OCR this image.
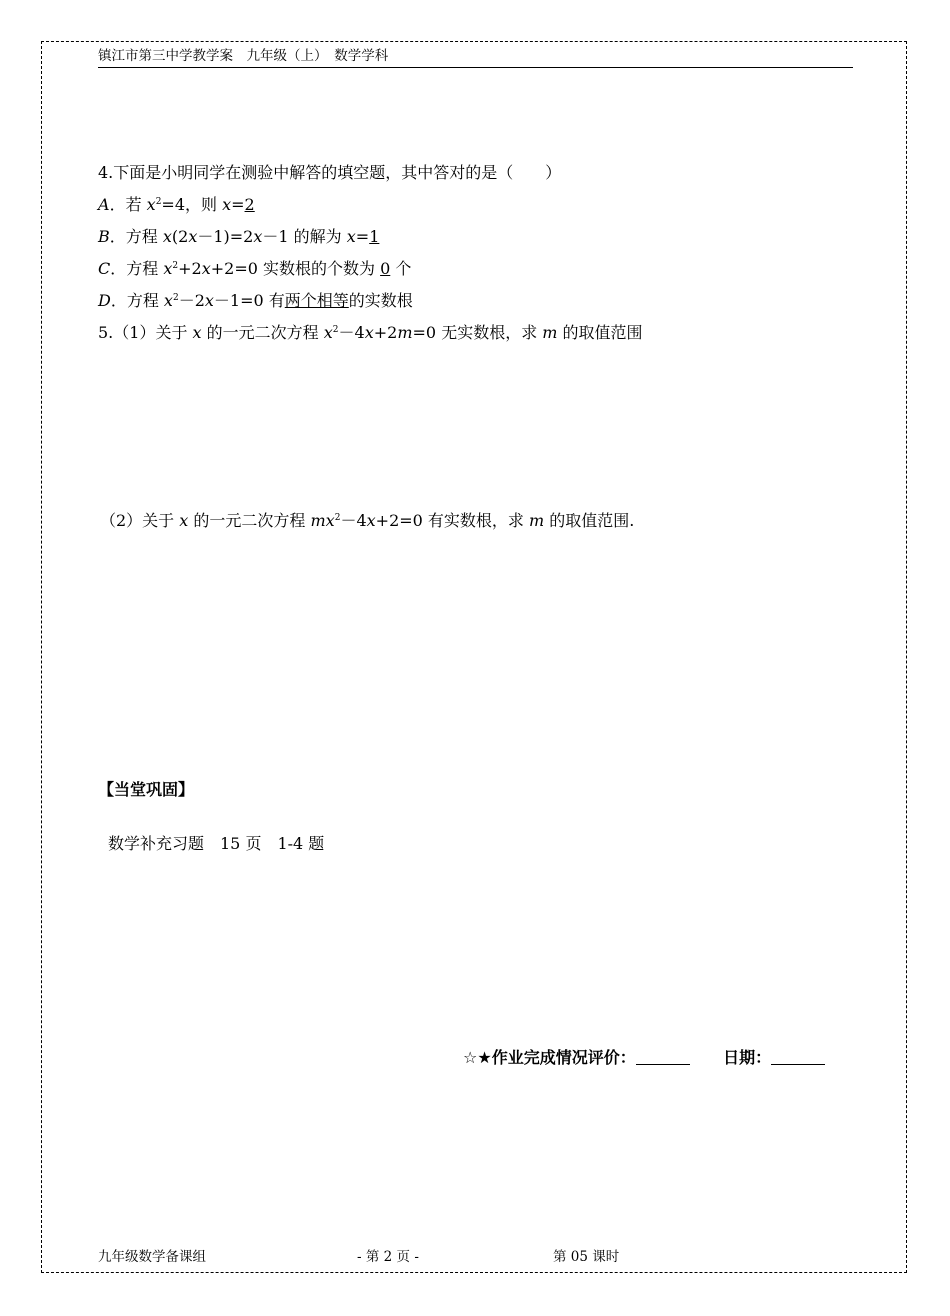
镇江市第三中学教学案　九年级（上）　数学学科
4.下面是小明同学在测验中解答的填空题，其中答对的是（　　）
A．若 $x^2=4$，则 x=2
B．方程 x(2x－1)=2x－1 的解为 x=1
C．方程 $x^2+2x+2=0$ 实数根的个数为 0 个
D．方程 $x^2-2x-1=0$ 有两个相等的实数根
5.（1）关于 x 的一元二次方程 $x^2-4x+2m=0$ 无实数根，求 m 的取值范围
（2）关于 x 的一元二次方程 $mx^2-4x+2=0$ 有实数根，求 m 的取值范围.
【当堂巩固】
数学补充习题　15 页　1-4 题
☆★作业完成情况评价：	日期：
九年级数学备课组	- 第 2 页 -	第 05 课时
